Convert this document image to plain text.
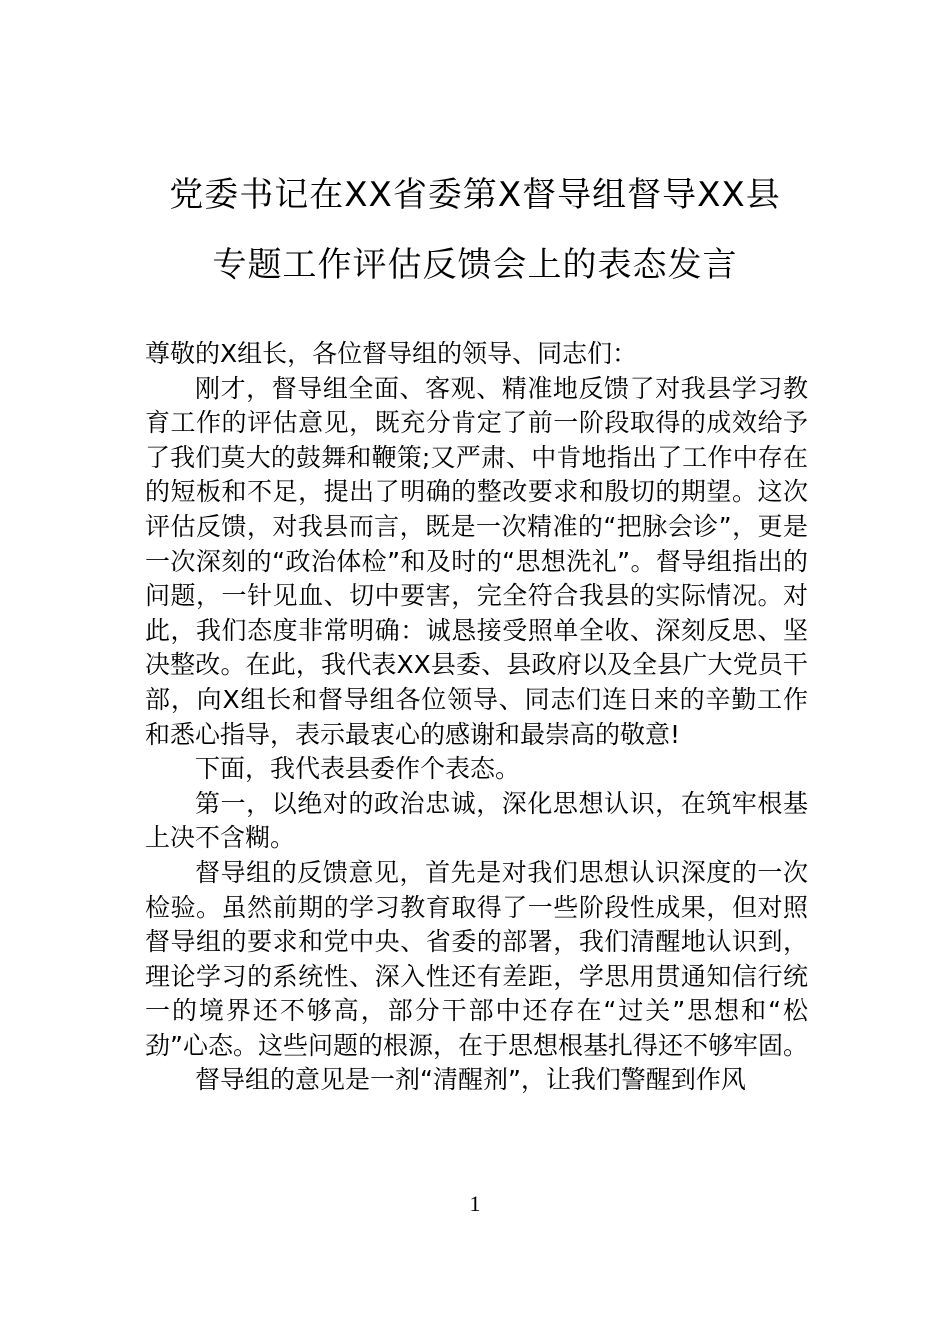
党委书记在XX省委第X督导组督导XX县
专题工作评估反馈会上的表态发言

尊敬的X组长，各位督导组的领导、同志们：

刚才，督导组全面、客观、精准地反馈了对我县学习教育工作的评估意见，既充分肯定了前一阶段取得的成效给予了我们莫大的鼓舞和鞭策;又严肃、中肯地指出了工作中存在的短板和不足，提出了明确的整改要求和殷切的期望。这次评估反馈，对我县而言，既是一次精准的“把脉会诊”，更是一次深刻的“政治体检”和及时的“思想洗礼”。督导组指出的问题，一针见血、切中要害，完全符合我县的实际情况。对此，我们态度非常明确：诚恳接受照单全收、深刻反思、坚决整改。在此，我代表XX县委、县政府以及全县广大党员干部，向X组长和督导组各位领导、同志们连日来的辛勤工作和悉心指导，表示最衷心的感谢和最崇高的敬意!

下面，我代表县委作个表态。

第一，以绝对的政治忠诚，深化思想认识，在筑牢根基上决不含糊。

督导组的反馈意见，首先是对我们思想认识深度的一次检验。虽然前期的学习教育取得了一些阶段性成果，但对照督导组的要求和党中央、省委的部署，我们清醒地认识到，理论学习的系统性、深入性还有差距，学思用贯通知信行统一的境界还不够高，部分干部中还存在“过关”思想和“松劲”心态。这些问题的根源，在于思想根基扎得还不够牢固。

督导组的意见是一剂“清醒剂”，让我们警醒到作风

1
